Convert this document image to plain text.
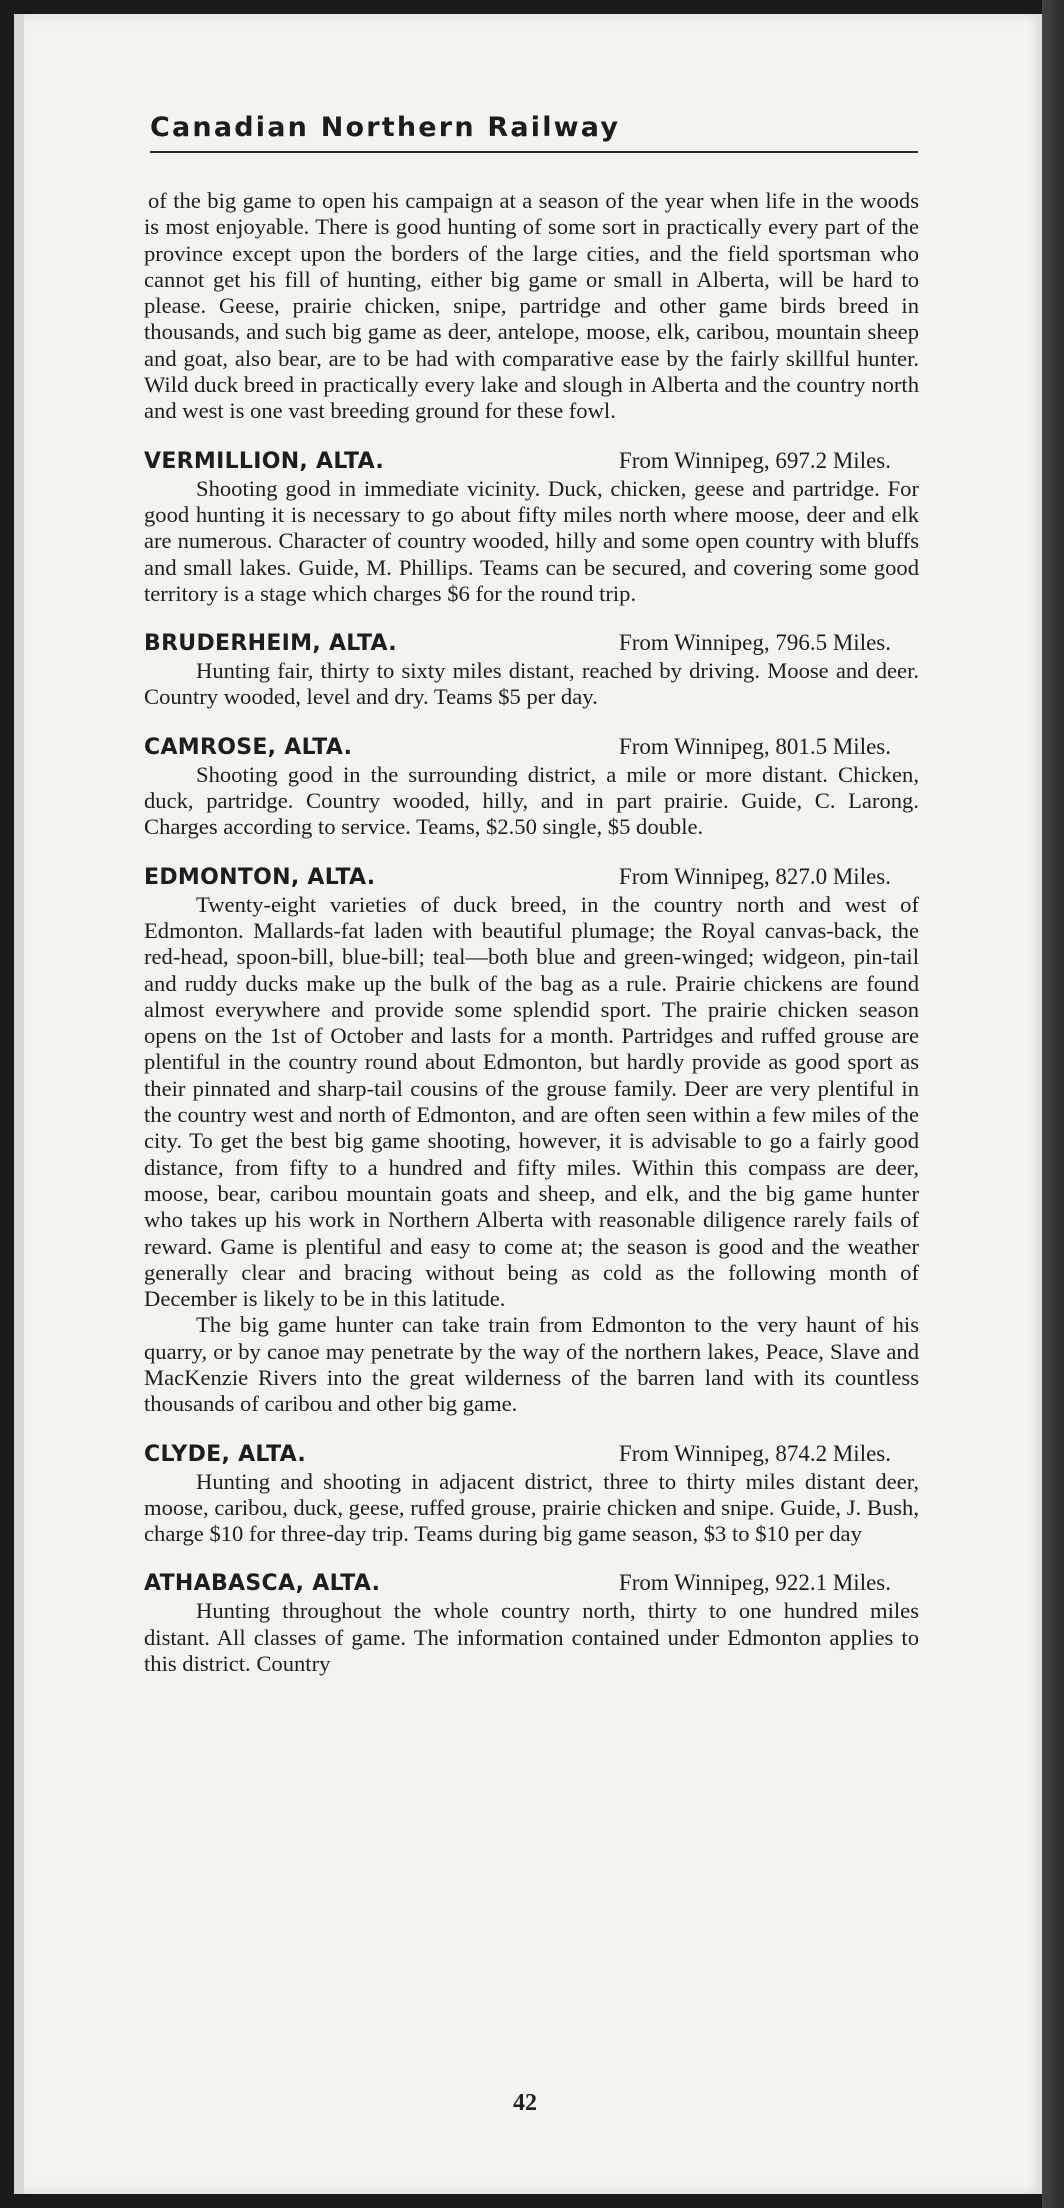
Canadian Northern Railway

of the big game to open his campaign at a season of the year when life in the woods is most enjoyable. There is good hunting of some sort in practically every part of the province except upon the borders of the large cities, and the field sportsman who cannot get his fill of hunting, either big game or small in Alberta, will be hard to please. Geese, prairie chicken, snipe, partridge and other game birds breed in thousands, and such big game as deer, antelope, moose, elk, caribou, mountain sheep and goat, also bear, are to be had with comparative ease by the fairly skillful hunter. Wild duck breed in practically every lake and slough in Alberta and the country north and west is one vast breeding ground for these fowl.

VERMILLION, ALTA.	From Winnipeg, 697.2 Miles.

Shooting good in immediate vicinity. Duck, chicken, geese and partridge. For good hunting it is necessary to go about fifty miles north where moose, deer and elk are numerous. Character of country wooded, hilly and some open country with bluffs and small lakes. Guide, M. Phillips. Teams can be secured, and covering some good territory is a stage which charges $6 for the round trip.

BRUDERHEIM, ALTA.	From Winnipeg, 796.5 Miles.

Hunting fair, thirty to sixty miles distant, reached by driving. Moose and deer. Country wooded, level and dry. Teams $5 per day.

CAMROSE, ALTA.	From Winnipeg, 801.5 Miles.

Shooting good in the surrounding district, a mile or more distant. Chicken, duck, partridge. Country wooded, hilly, and in part prairie. Guide, C. Larong. Charges according to service. Teams, $2.50 single, $5 double.

EDMONTON, ALTA.	From Winnipeg, 827.0 Miles.

Twenty-eight varieties of duck breed, in the country north and west of Edmonton. Mallards-fat laden with beautiful plumage; the Royal canvas-back, the red-head, spoon-bill, blue-bill; teal—both blue and green-winged; widgeon, pin-tail and ruddy ducks make up the bulk of the bag as a rule. Prairie chickens are found almost everywhere and provide some splendid sport. The prairie chicken season opens on the 1st of October and lasts for a month. Partridges and ruffed grouse are plentiful in the country round about Edmonton, but hardly provide as good sport as their pinnated and sharp-tail cousins of the grouse family. Deer are very plentiful in the country west and north of Edmonton, and are often seen within a few miles of the city. To get the best big game shooting, however, it is advisable to go a fairly good distance, from fifty to a hundred and fifty miles. Within this compass are deer, moose, bear, caribou mountain goats and sheep, and elk, and the big game hunter who takes up his work in Northern Alberta with reasonable diligence rarely fails of reward. Game is plentiful and easy to come at; the season is good and the weather generally clear and bracing without being as cold as the following month of December is likely to be in this latitude.

The big game hunter can take train from Edmonton to the very haunt of his quarry, or by canoe may penetrate by the way of the northern lakes, Peace, Slave and MacKenzie Rivers into the great wilderness of the barren land with its countless thousands of caribou and other big game.

CLYDE, ALTA.	From Winnipeg, 874.2 Miles.

Hunting and shooting in adjacent district, three to thirty miles distant deer, moose, caribou, duck, geese, ruffed grouse, prairie chicken and snipe. Guide, J. Bush, charge $10 for three-day trip. Teams during big game season, $3 to $10 per day

ATHABASCA, ALTA.	From Winnipeg, 922.1 Miles.

Hunting throughout the whole country north, thirty to one hundred miles distant. All classes of game. The information contained under Edmonton applies to this district. Country

42
